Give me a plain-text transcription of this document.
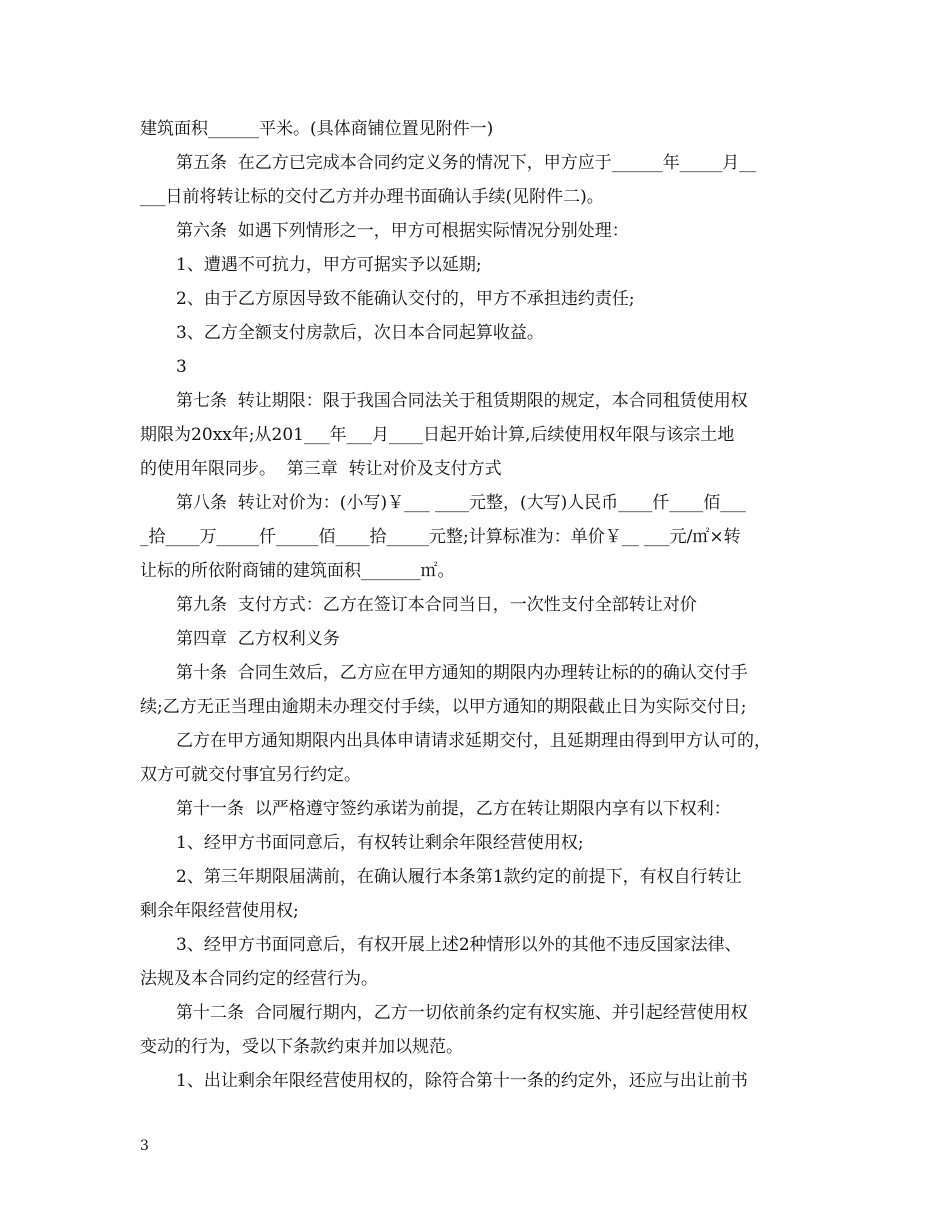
建筑面积______平米。(具体商铺位置见附件一)
第五条  在乙方已完成本合同约定义务的情况下，甲方应于______年_____月__
___日前将转让标的交付乙方并办理书面确认手续(见附件二)。
第六条  如遇下列情形之一，甲方可根据实际情况分别处理：
1、遭遇不可抗力，甲方可据实予以延期;
2、由于乙方原因导致不能确认交付的，甲方不承担违约责任;
3、乙方全额支付房款后，次日本合同起算收益。
3
第七条  转让期限：限于我国合同法关于租赁期限的规定，本合同租赁使用权
期限为20xx年;从201___年___月____日起开始计算,后续使用权年限与该宗土地
的使用年限同步。  第三章  转让对价及支付方式
第八条  转让对价为：(小写)￥___ ____元整，(大写)人民币____仟____佰___
_拾____万_____仟_____佰____拾_____元整;计算标准为：单价￥__ ___元/㎡×转
让标的所依附商铺的建筑面积_______㎡。
第九条  支付方式：乙方在签订本合同当日，一次性支付全部转让对价
第四章  乙方权利义务
第十条  合同生效后，乙方应在甲方通知的期限内办理转让标的的确认交付手
续;乙方无正当理由逾期未办理交付手续，以甲方通知的期限截止日为实际交付日;
乙方在甲方通知期限内出具体申请请求延期交付，且延期理由得到甲方认可的，
双方可就交付事宜另行约定。
第十一条  以严格遵守签约承诺为前提，乙方在转让期限内享有以下权利：
1、经甲方书面同意后，有权转让剩余年限经营使用权;
2、第三年期限届满前，在确认履行本条第1款约定的前提下，有权自行转让
剩余年限经营使用权;
3、经甲方书面同意后，有权开展上述2种情形以外的其他不违反国家法律、
法规及本合同约定的经营行为。
第十二条  合同履行期内，乙方一切依前条约定有权实施、并引起经营使用权
变动的行为，受以下条款约束并加以规范。
1、出让剩余年限经营使用权的，除符合第十一条的约定外，还应与出让前书
3
